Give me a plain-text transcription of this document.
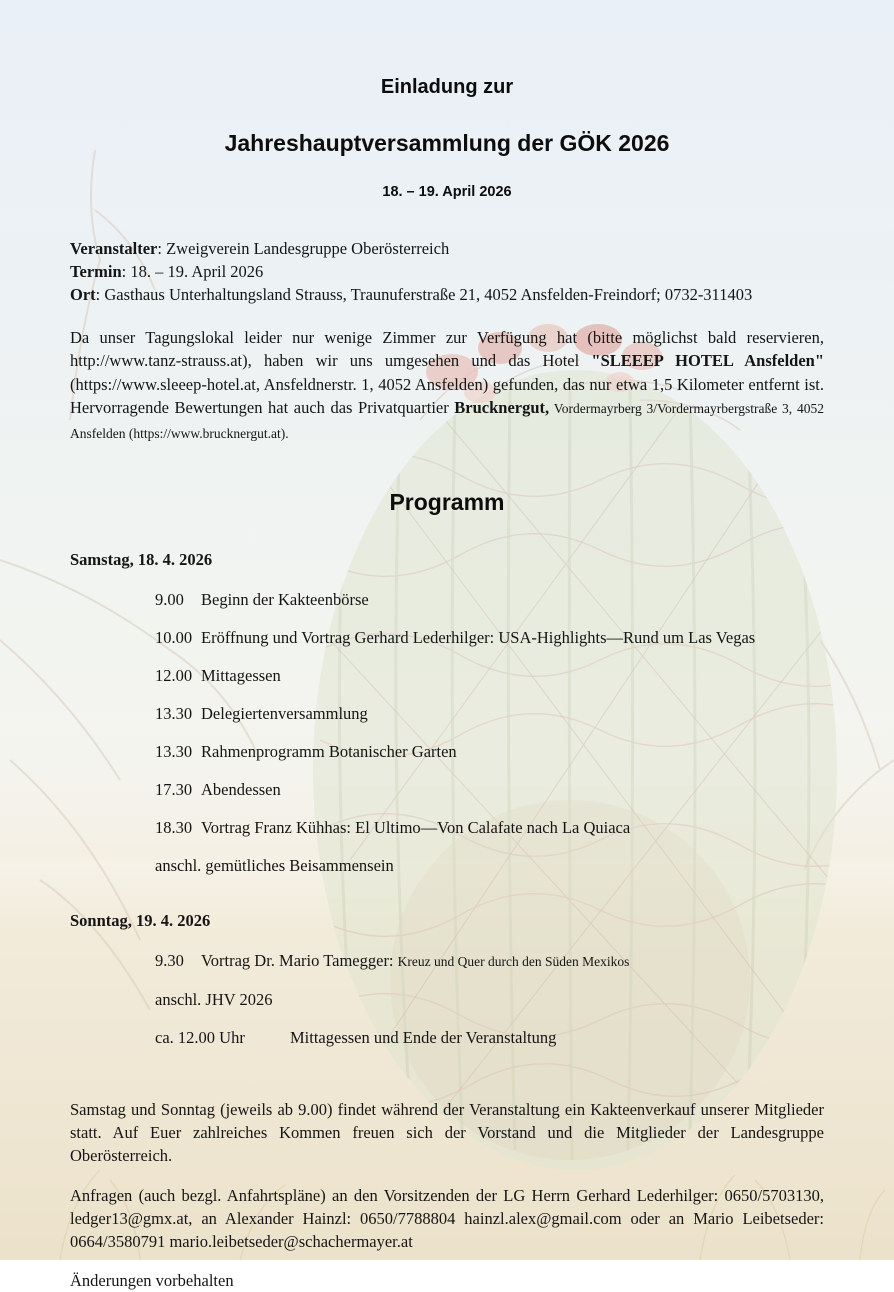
Einladung zur
Jahreshauptversammlung der GÖK 2026
18. – 19. April 2026
Veranstalter: Zweigverein Landesgruppe Oberösterreich
Termin: 18. – 19. April 2026
Ort: Gasthaus Unterhaltungsland Strauss, Traunuferstraße 21, 4052 Ansfelden-Freindorf; 0732-311403

Da unser Tagungslokal leider nur wenige Zimmer zur Verfügung hat (bitte möglichst bald reservieren, http://www.tanz-strauss.at), haben wir uns umgesehen und das Hotel "SLEEEP HOTEL Ansfelden" (https://www.sleeep-hotel.at, Ansfeldnerstr. 1, 4052 Ansfelden) gefunden, das nur etwa 1,5 Kilometer entfernt ist. Hervorragende Bewertungen hat auch das Privatquartier Brucknergut, Vordermayrberg 3/Vordermayrbergstraße 3, 4052 Ansfelden (https://www.brucknergut.at).

Programm
Samstag, 18. 4. 2026
9.00	Beginn der Kakteenbörse
10.00 Eröffnung und Vortrag Gerhard Lederhilger: USA-Highlights—Rund um Las Vegas
12.00 Mittagessen
13.30 Delegiertenversammlung
13.30 Rahmenprogramm Botanischer Garten
17.30 Abendessen
18.30 Vortrag Franz Kühhas: El Ultimo—Von Calafate nach La Quiaca
anschl. gemütliches Beisammensein
Sonntag, 19. 4. 2026
9.30	Vortrag Dr. Mario Tamegger: Kreuz und Quer durch den Süden Mexikos
anschl. JHV 2026
ca. 12.00 Uhr	Mittagessen und Ende der Veranstaltung

Samstag und Sonntag (jeweils ab 9.00) findet während der Veranstaltung ein Kakteenverkauf unserer Mitglieder statt. Auf Euer zahlreiches Kommen freuen sich der Vorstand und die Mitglieder der Landesgruppe Oberösterreich.

Anfragen (auch bezgl. Anfahrtspläne) an den Vorsitzenden der LG Herrn Gerhard Lederhilger: 0650/5703130, ledger13@gmx.at, an Alexander Hainzl: 0650/7788804 hainzl.alex@gmail.com oder an Mario Leibetseder: 0664/3580791 mario.leibetseder@schachermayer.at

Änderungen vorbehalten
